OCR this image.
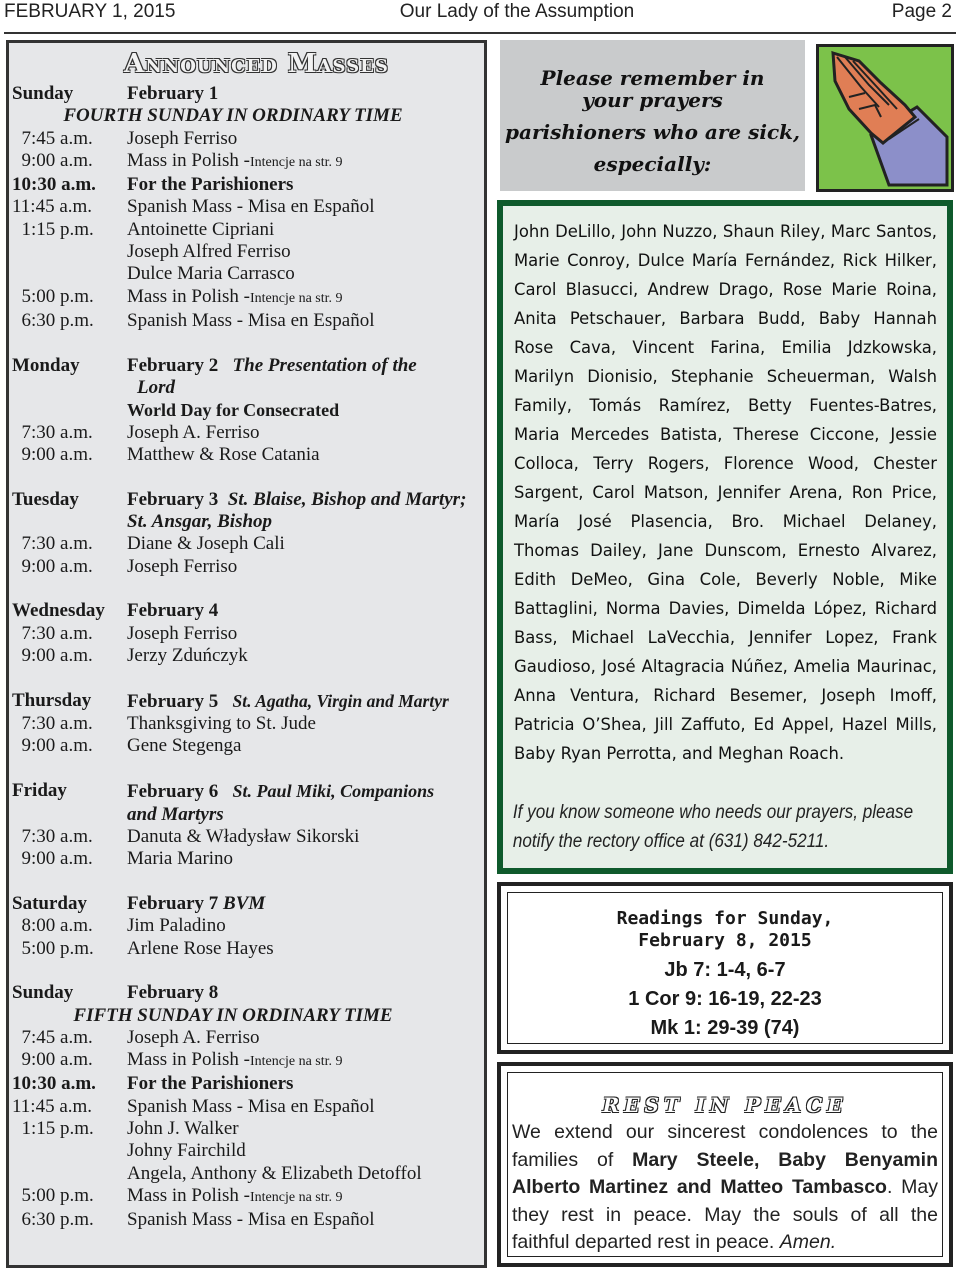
FEBRUARY 1, 2015	Our Lady of the Assumption	Page 2
Announced Masses
Sunday	February 1
FOURTH SUNDAY IN ORDINARY TIME
7:45 a.m.	Joseph Ferriso
9:00 a.m.	Mass in Polish -Intencje na str. 9
10:30 a.m.	For the Parishioners
11:45 a.m.	Spanish Mass - Misa en Español
1:15 p.m.	Antoinette Cipriani
Joseph Alfred Ferriso
Dulce Maria Carrasco
5:00 p.m.	Mass in Polish -Intencje na str. 9
6:30 p.m.	Spanish Mass - Misa en Español
Monday	February 2 The Presentation of the
Lord
World Day for Consecrated
7:30 a.m.	Joseph A. Ferriso
9:00 a.m.	Matthew & Rose Catania
Tuesday	February 3 St. Blaise, Bishop and Martyr;
St. Ansgar, Bishop
7:30 a.m.	Diane & Joseph Cali
9:00 a.m.	Joseph Ferriso
Wednesday	February 4
7:30 a.m.	Joseph Ferriso
9:00 a.m.	Jerzy Zduńczyk
Thursday	February 5 St. Agatha, Virgin and Martyr
7:30 a.m.	Thanksgiving to St. Jude
9:00 a.m.	Gene Stegenga
Friday	February 6 St. Paul Miki, Companions
and Martyrs
7:30 a.m.	Danuta & Władysław Sikorski
9:00 a.m.	Maria Marino
Saturday	February 7 BVM
8:00 a.m.	Jim Paladino
5:00 p.m.	Arlene Rose Hayes
Sunday	February 8
FIFTH SUNDAY IN ORDINARY TIME
7:45 a.m.	Joseph A. Ferriso
9:00 a.m.	Mass in Polish -Intencje na str. 9
10:30 a.m.	For the Parishioners
11:45 a.m.	Spanish Mass - Misa en Español
1:15 p.m.	John J. Walker
Johny Fairchild
Angela, Anthony & Elizabeth Detoffol
5:00 p.m.	Mass in Polish -Intencje na str. 9
6:30 p.m.	Spanish Mass - Misa en Español
Please remember in
your prayers
parishioners who are sick,
especially:
John DeLillo, John Nuzzo, Shaun Riley, Marc Santos, Marie Conroy, Dulce María Fernández, Rick Hilker, Carol Blasucci, Andrew Drago, Rose Marie Roina, Anita Petschauer, Barbara Budd, Baby Hannah Rose Cava, Vincent Farina, Emilia Jdzkowska, Marilyn Dionisio, Stephanie Scheuerman, Walsh Family, Tomás Ramírez, Betty Fuentes-Batres, Maria Mercedes Batista, Therese Ciccone, Jessie Colloca, Terry Rogers, Florence Wood, Chester Sargent, Carol Matson, Jennifer Arena, Ron Price, María José Plasencia, Bro. Michael Delaney, Thomas Dailey, Jane Dunscom, Ernesto Alvarez, Edith DeMeo, Gina Cole, Beverly Noble, Mike Battaglini, Norma Davies, Dimelda López, Richard Bass, Michael LaVecchia, Jennifer Lopez, Frank Gaudioso, José Altagracia Núñez, Amelia Maurinac, Anna Ventura, Richard Besemer, Joseph Imoff, Patricia O’Shea, Jill Zaffuto, Ed Appel, Hazel Mills, Baby Ryan Perrotta, and Meghan Roach.
If you know someone who needs our prayers, please notify the rectory office at (631) 842-5211.
Readings for Sunday,
February 8, 2015
Jb 7: 1-4, 6-7
1 Cor 9: 16-19, 22-23
Mk 1: 29-39 (74)
REST IN PEACE

We extend our sincerest condolences to the families of Mary Steele, Baby Benyamin Alberto Martinez and Matteo Tambasco. May they rest in peace. May the souls of all the faithful departed rest in peace. Amen.
